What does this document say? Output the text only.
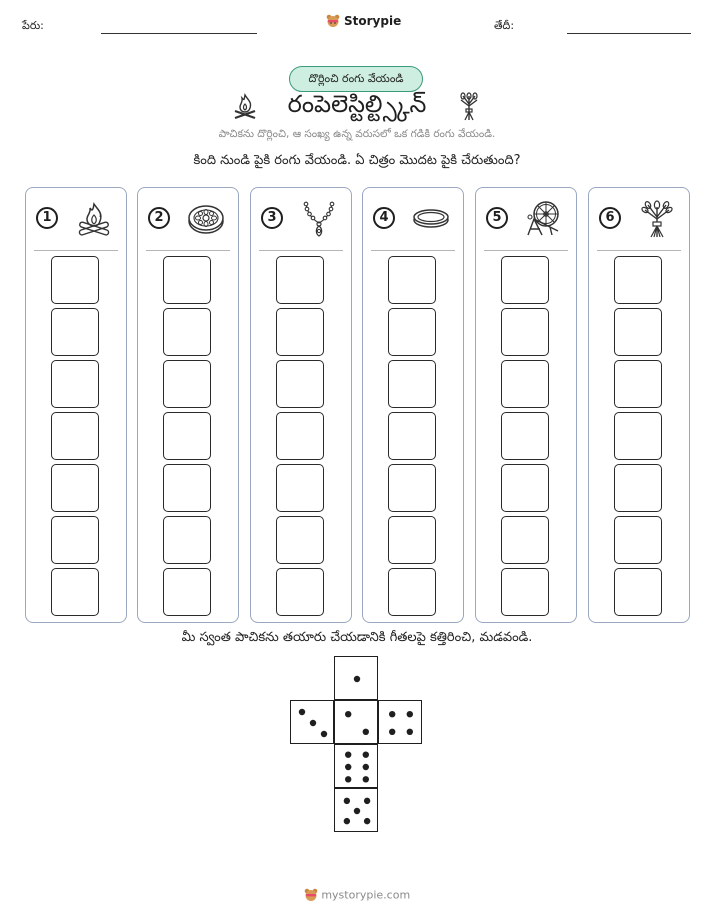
పేరు:	Storypie	తేదీ:
దొర్లించి రంగు వేయండి
రంపెలెస్టిల్ట్స్కిన్
పాచికను దొర్లించి, ఆ సంఖ్య ఉన్న వరుసలో ఒక గడికి రంగు వేయండి.
కింది నుండి పైకి రంగు వేయండి. ఏ చిత్రం మొదట పైకి చేరుతుంది?
1	2	3	4	5	6
మీ స్వంత పాచికను తయారు చేయడానికి గీతలపై కత్తిరించి, మడవండి.
mystorypie.com
